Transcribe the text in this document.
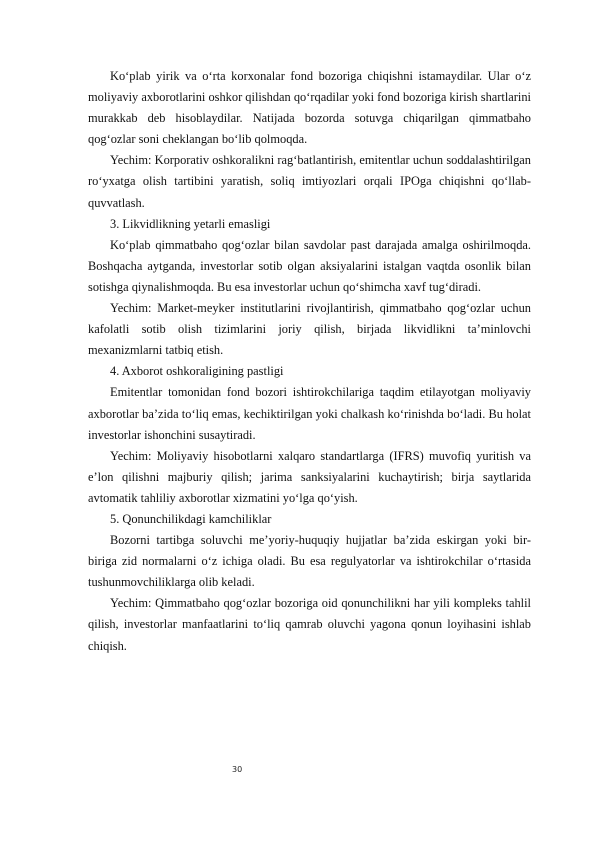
Ko‘plab yirik va o‘rta korxonalar fond bozoriga chiqishni istamaydilar. Ular o‘z moliyaviy axborotlarini oshkor qilishdan qo‘rqadilar yoki fond bozoriga kirish shartlarini murakkab deb hisoblaydilar. Natijada bozorda sotuvga chiqarilgan qimmatbaho qog‘ozlar soni cheklangan bo‘lib qolmoqda.

Yechim: Korporativ oshkoralikni rag‘batlantirish, emitentlar uchun soddalashtirilgan ro‘yxatga olish tartibini yaratish, soliq imtiyozlari orqali IPOga chiqishni qo‘llab-quvvatlash.

3. Likvidlikning yetarli emasligi

Ko‘plab qimmatbaho qog‘ozlar bilan savdolar past darajada amalga oshirilmoqda. Boshqacha aytganda, investorlar sotib olgan aksiyalarini istalgan vaqtda osonlik bilan sotishga qiynalishmoqda. Bu esa investorlar uchun qo‘shimcha xavf tug‘diradi.

Yechim: Market-meyker institutlarini rivojlantirish, qimmatbaho qog‘ozlar uchun kafolatli sotib olish tizimlarini joriy qilish, birjada likvidlikni ta’minlovchi mexanizmlarni tatbiq etish.

4. Axborot oshkoraligining pastligi

Emitentlar tomonidan fond bozori ishtirokchilariga taqdim etilayotgan moliyaviy axborotlar ba’zida to‘liq emas, kechiktirilgan yoki chalkash ko‘rinishda bo‘ladi. Bu holat investorlar ishonchini susaytiradi.

Yechim: Moliyaviy hisobotlarni xalqaro standartlarga (IFRS) muvofiq yuritish va e’lon qilishni majburiy qilish; jarima sanksiyalarini kuchaytirish; birja saytlarida avtomatik tahliliy axborotlar xizmatini yo‘lga qo‘yish.

5. Qonunchilikdagi kamchiliklar

Bozorni tartibga soluvchi me’yoriy-huquqiy hujjatlar ba’zida eskirgan yoki bir-biriga zid normalarni o‘z ichiga oladi. Bu esa regulyatorlar va ishtirokchilar o‘rtasida tushunmovchiliklarga olib keladi.

Yechim: Qimmatbaho qog‘ozlar bozoriga oid qonunchilikni har yili kompleks tahlil qilish, investorlar manfaatlarini to‘liq qamrab oluvchi yagona qonun loyihasini ishlab chiqish.

30
